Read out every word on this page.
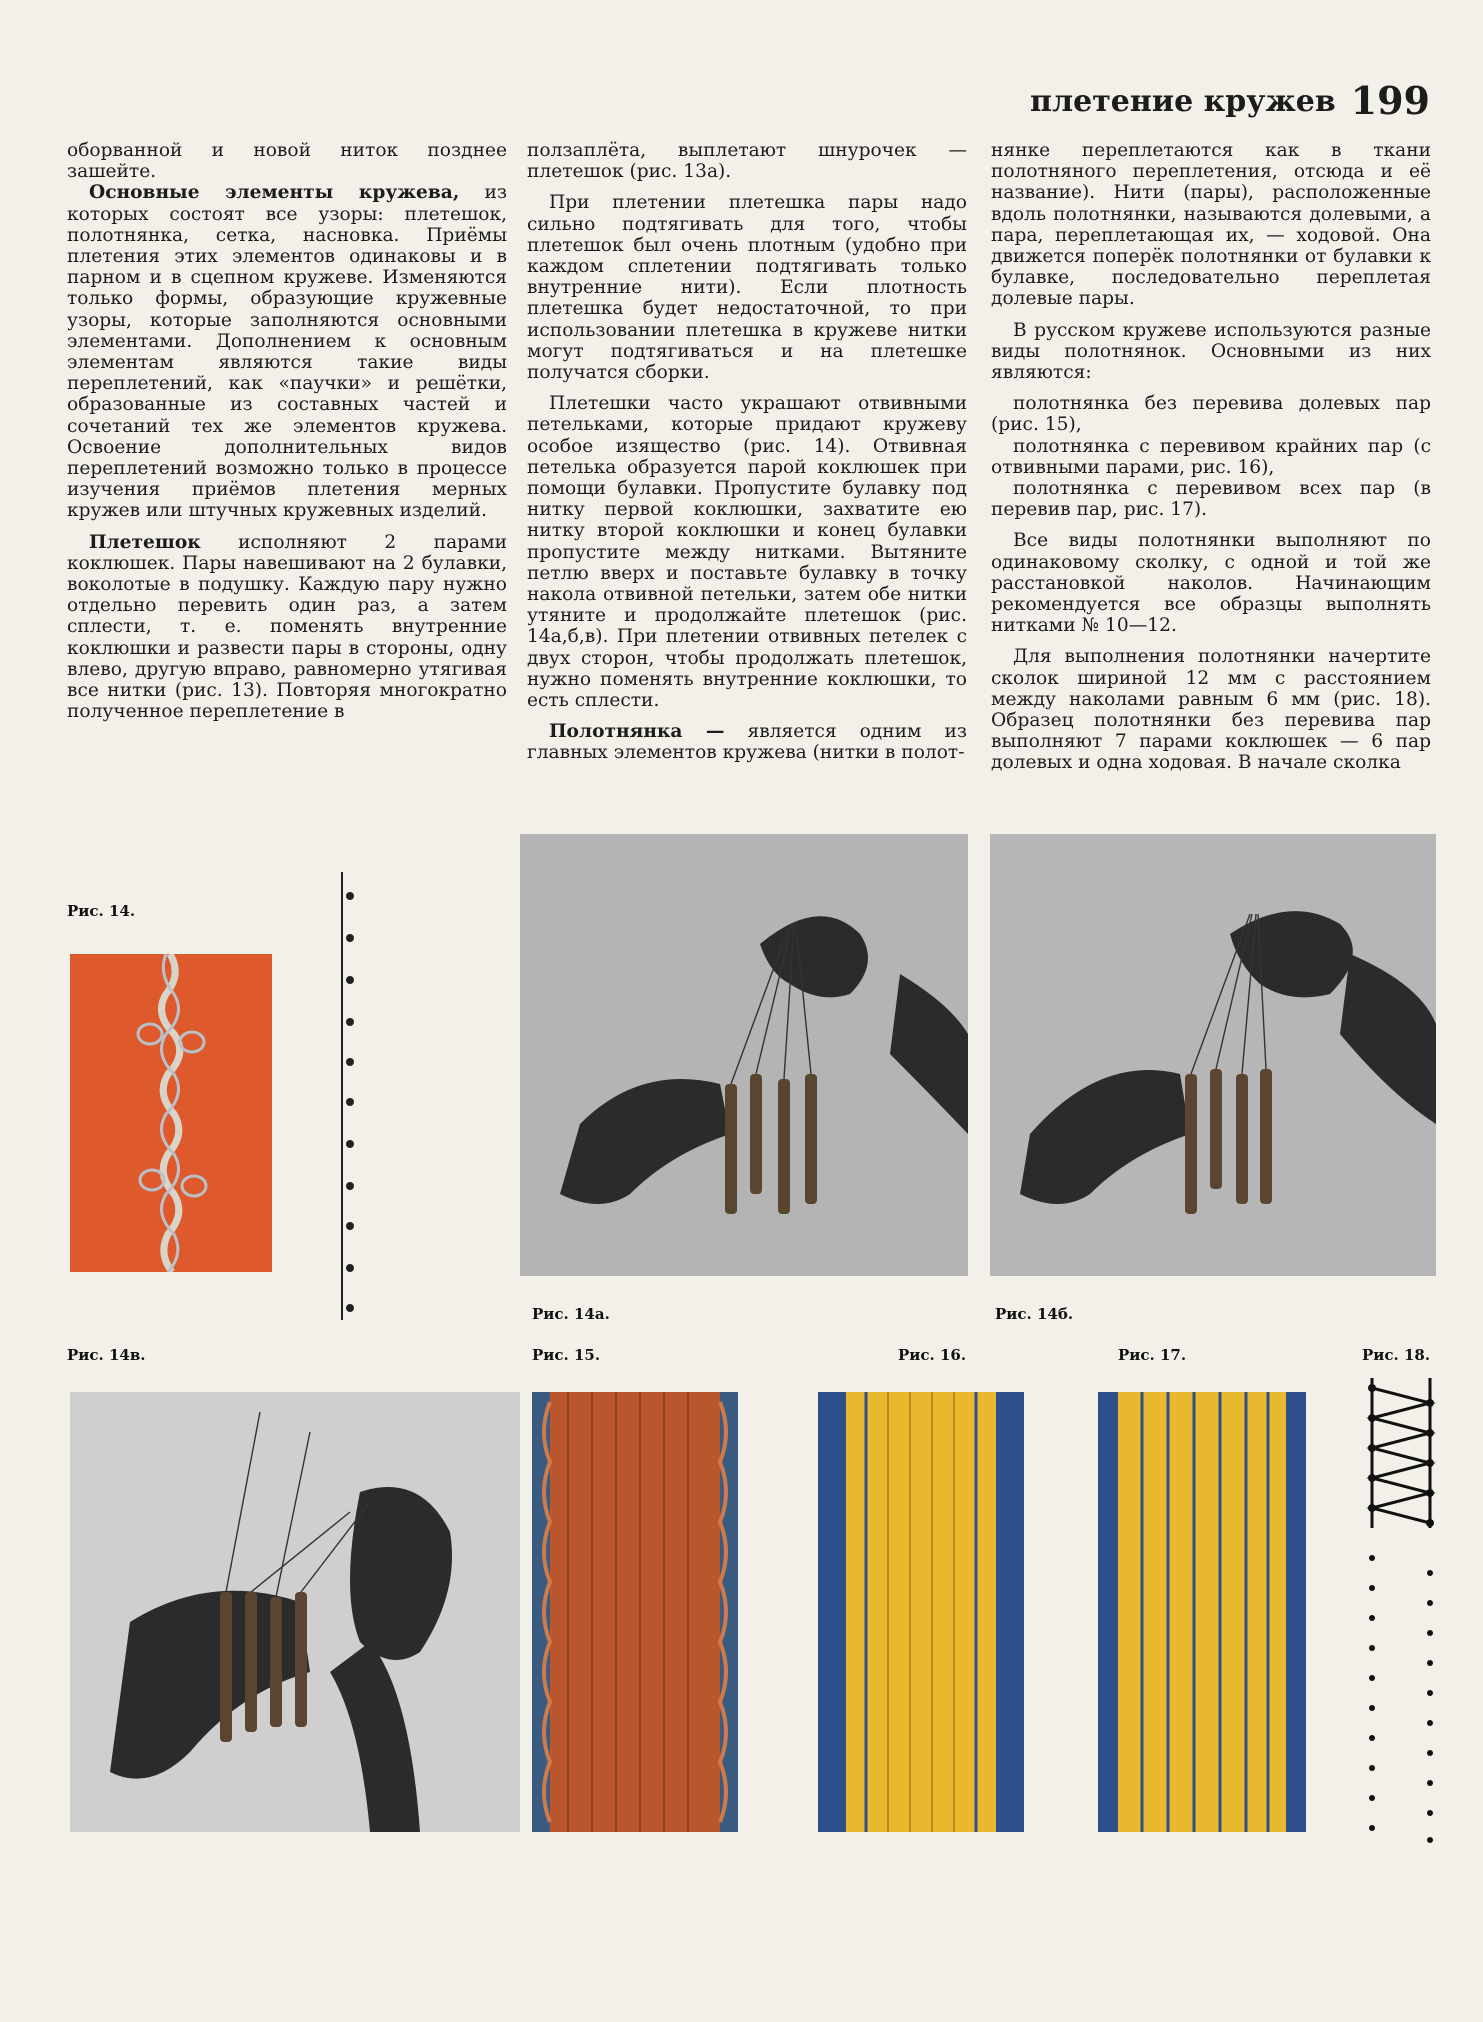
плетение кружев 199

оборванной и новой ниток позднее зашейте.

Основные элементы кружева, из которых состоят все узоры: плетешок, полотнянка, сетка, насновка. Приёмы плетения этих элементов одинаковы и в парном и в сцепном кружеве. Изменяются только формы, образующие кружевные узоры, которые заполняются основными элементами. Дополнением к основным элементам являются такие виды переплетений, как «паучки» и решётки, образованные из составных частей и сочетаний тех же элементов кружева. Освоение дополнительных видов переплетений возможно только в процессе изучения приёмов плетения мерных кружев или штучных кружевных изделий.

Плетешок исполняют 2 парами коклюшек. Пары навешивают на 2 булавки, воколотые в подушку. Каждую пару нужно отдельно перевить один раз, а затем сплести, т. е. поменять внутренние коклюшки и развести пары в стороны, одну влево, другую вправо, равномерно утягивая все нитки (рис. 13). Повторяя многократно полученное переплетение в

ползаплёта, выплетают шнурочек — плетешок (рис. 13а).

При плетении плетешка пары надо сильно подтягивать для того, чтобы плетешок был очень плотным (удобно при каждом сплетении подтягивать только внутренние нити). Если плотность плетешка будет недостаточной, то при использовании плетешка в кружеве нитки могут подтягиваться и на плетешке получатся сборки.

Плетешки часто украшают отвивными петельками, которые придают кружеву особое изящество (рис. 14). Отвивная петелька образуется парой коклюшек при помощи булавки. Пропустите булавку под нитку первой коклюшки, захватите ею нитку второй коклюшки и конец булавки пропустите между нитками. Вытяните петлю вверх и поставьте булавку в точку накола отвивной петельки, затем обе нитки утяните и продолжайте плетешок (рис. 14а,б,в). При плетении отвивных петелек с двух сторон, чтобы продолжать плетешок, нужно поменять внутренние коклюшки, то есть сплести.

Полотнянка — является одним из главных элементов кружева (нитки в полот-

нянке переплетаются как в ткани полотняного переплетения, отсюда и её название). Нити (пары), расположенные вдоль полотнянки, называются долевыми, а пара, переплетающая их, — ходовой. Она движется поперёк полотнянки от булавки к булавке, последовательно переплетая долевые пары.

В русском кружеве используются разные виды полотнянок. Основными из них являются:

полотнянка без перевива долевых пар (рис. 15),

полотнянка с перевивом крайних пар (с отвивными парами, рис. 16),

полотнянка с перевивом всех пар (в перевив пар, рис. 17).

Все виды полотнянки выполняют по одинаковому сколку, с одной и той же расстановкой наколов. Начинающим рекомендуется все образцы выполнять нитками № 10—12.

Для выполнения полотнянки начертите сколок шириной 12 мм с расстоянием между наколами равным 6 мм (рис. 18). Образец полотнянки без перевива пар выполняют 7 парами коклюшек — 6 пар долевых и одна ходовая. В начале сколка

Рис. 14.
Рис. 14а.	Рис. 14б.
Рис. 14в.	Рис. 15.	Рис. 16.	Рис. 17.	Рис. 18.
